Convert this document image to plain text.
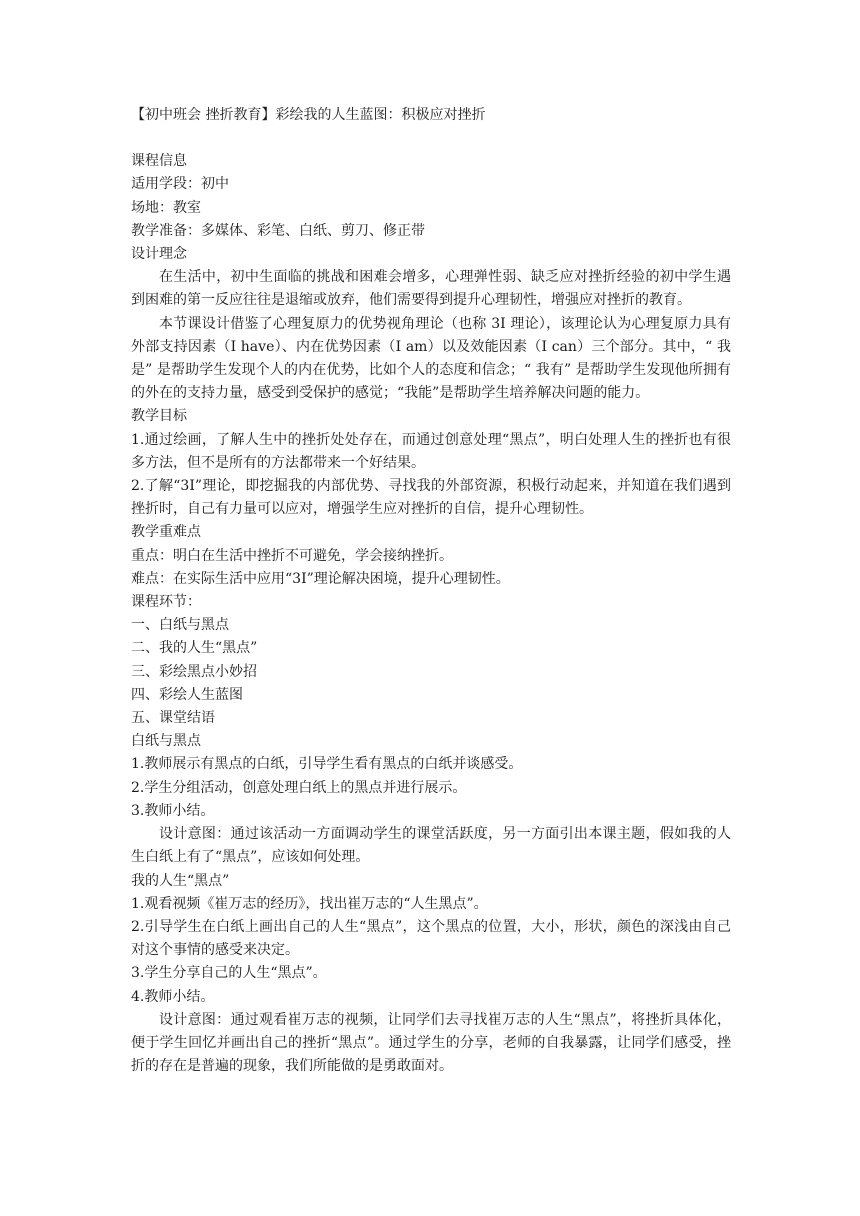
【初中班会 挫折教育】彩绘我的人生蓝图：积极应对挫折

课程信息

适用学段：初中

场地：教室

教学准备：多媒体、彩笔、白纸、剪刀、修正带

设计理念

在生活中，初中生面临的挑战和困难会增多，心理弹性弱、缺乏应对挫折经验的初中学生遇到困难的第一反应往往是退缩或放弃，他们需要得到提升心理韧性，增强应对挫折的教育。

本节课设计借鉴了心理复原力的优势视角理论（也称 3I 理论），该理论认为心理复原力具有外部支持因素（I have）、内在优势因素（I am）以及效能因素（I can）三个部分。其中，“ 我是” 是帮助学生发现个人的内在优势，比如个人的态度和信念；“ 我有” 是帮助学生发现他所拥有的外在的支持力量，感受到受保护的感觉；“我能”是帮助学生培养解决问题的能力。

教学目标

1.通过绘画，了解人生中的挫折处处存在，而通过创意处理“黑点”，明白处理人生的挫折也有很多方法，但不是所有的方法都带来一个好结果。

2.了解“3I”理论，即挖掘我的内部优势、寻找我的外部资源，积极行动起来，并知道在我们遇到挫折时，自己有力量可以应对，增强学生应对挫折的自信，提升心理韧性。

教学重难点

重点：明白在生活中挫折不可避免，学会接纳挫折。

难点：在实际生活中应用“3I”理论解决困境，提升心理韧性。

课程环节：

一、白纸与黑点

二、我的人生“黑点”

三、彩绘黑点小妙招

四、彩绘人生蓝图

五、课堂结语

白纸与黑点

1.教师展示有黑点的白纸，引导学生看有黑点的白纸并谈感受。

2.学生分组活动，创意处理白纸上的黑点并进行展示。

3.教师小结。

设计意图：通过该活动一方面调动学生的课堂活跃度，另一方面引出本课主题，假如我的人生白纸上有了“黑点”，应该如何处理。

我的人生“黑点”

1.观看视频《崔万志的经历》，找出崔万志的“人生黑点”。

2.引导学生在白纸上画出自己的人生“黑点”，这个黑点的位置，大小，形状，颜色的深浅由自己对这个事情的感受来决定。

3.学生分享自己的人生“黑点”。

4.教师小结。

设计意图：通过观看崔万志的视频，让同学们去寻找崔万志的人生“黑点”，将挫折具体化，便于学生回忆并画出自己的挫折“黑点”。通过学生的分享，老师的自我暴露，让同学们感受，挫折的存在是普遍的现象，我们所能做的是勇敢面对。
